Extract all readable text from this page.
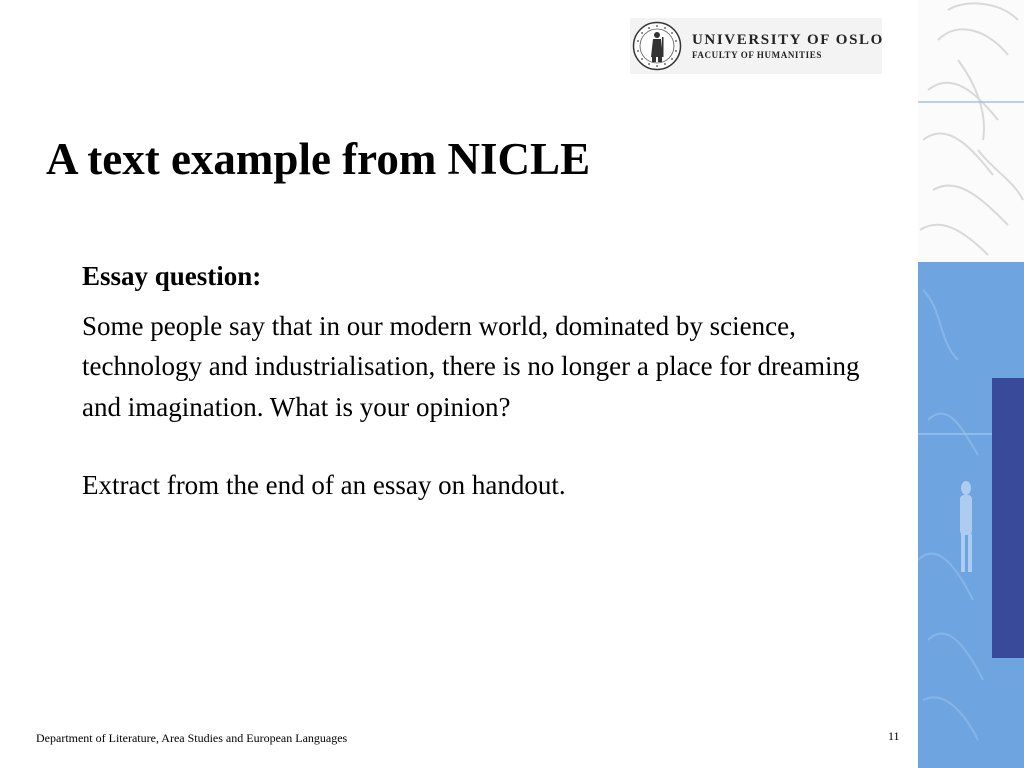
UNIVERSITY OF OSLO
FACULTY OF HUMANITIES
A text example from NICLE

Essay question:

Some people say that in our modern world, dominated by science, technology and industrialisation, there is no longer a place for dreaming and imagination. What is your opinion?

Extract from the end of an essay on handout.

Department of Literature, Area Studies and European Languages	11
